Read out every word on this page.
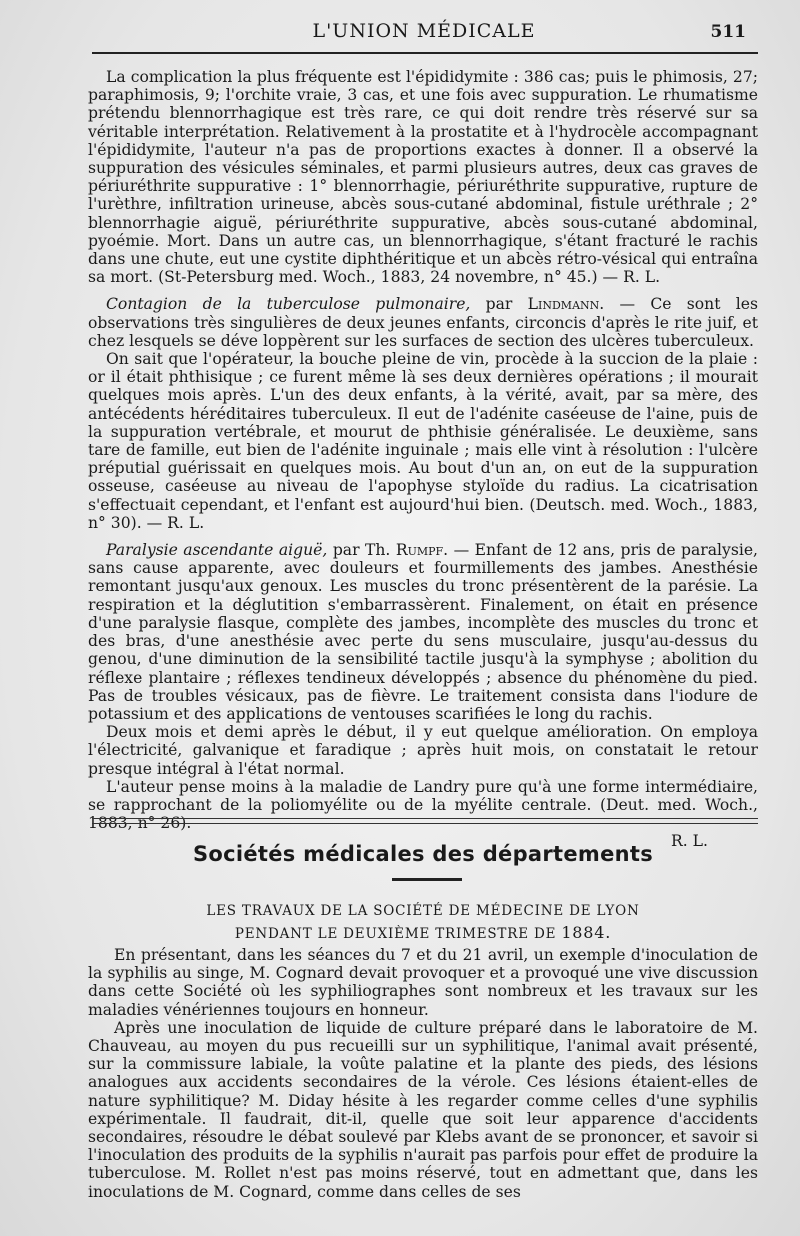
L'UNION MÉDICALE	511

La complication la plus fréquente est l'épididymite : 386 cas; puis le phimosis, 27; paraphimosis, 9; l'orchite vraie, 3 cas, et une fois avec suppuration. Le rhumatisme prétendu blennorrhagique est très rare, ce qui doit rendre très réservé sur sa véritable interprétation. Relativement à la prostatite et à l'hydrocèle accompagnant l'épididymite, l'auteur n'a pas de proportions exactes à donner. Il a observé la suppuration des vésicules séminales, et parmi plusieurs autres, deux cas graves de périuréthrite suppurative : 1° blennorrhagie, périuréthrite suppurative, rupture de l'urèthre, infiltration urineuse, abcès sous-cutané abdominal, fistule uréthrale ; 2° blennorrhagie aiguë, périuréthrite suppurative, abcès sous-cutané abdominal, pyoémie. Mort. Dans un autre cas, un blennorrhagique, s'étant fracturé le rachis dans une chute, eut une cystite diphthéritique et un abcès rétro-vésical qui entraîna sa mort. (St-Petersburg med. Woch., 1883, 24 novembre, n° 45.) — R. L.

Contagion de la tuberculose pulmonaire, par Lindmann. — Ce sont les observations très singulières de deux jeunes enfants, circoncis d'après le rite juif, et chez lesquels se déve loppèrent sur les surfaces de section des ulcères tuberculeux.

On sait que l'opérateur, la bouche pleine de vin, procède à la succion de la plaie : or il était phthisique ; ce furent même là ses deux dernières opérations ; il mourait quelques mois après. L'un des deux enfants, à la vérité, avait, par sa mère, des antécédents héréditaires tuberculeux. Il eut de l'adénite caséeuse de l'aine, puis de la suppuration vertébrale, et mourut de phthisie généralisée. Le deuxième, sans tare de famille, eut bien de l'adénite inguinale ; mais elle vint à résolution : l'ulcère préputial guérissait en quelques mois. Au bout d'un an, on eut de la suppuration osseuse, caséeuse au niveau de l'apophyse styloïde du radius. La cicatrisation s'effectuait cependant, et l'enfant est aujourd'hui bien. (Deutsch. med. Woch., 1883, n° 30). — R. L.

Paralysie ascendante aiguë, par Th. Rumpf. — Enfant de 12 ans, pris de paralysie, sans cause apparente, avec douleurs et fourmillements des jambes. Anesthésie remontant jusqu'aux genoux. Les muscles du tronc présentèrent de la parésie. La respiration et la déglutition s'embarrassèrent. Finalement, on était en présence d'une paralysie flasque, complète des jambes, incomplète des muscles du tronc et des bras, d'une anesthésie avec perte du sens musculaire, jusqu'au-dessus du genou, d'une diminution de la sensibilité tactile jusqu'à la symphyse ; abolition du réflexe plantaire ; réflexes tendineux développés ; absence du phénomène du pied. Pas de troubles vésicaux, pas de fièvre. Le traitement consista dans l'iodure de potassium et des applications de ventouses scarifiées le long du rachis.

Deux mois et demi après le début, il y eut quelque amélioration. On employa l'électricité, galvanique et faradique ; après huit mois, on constatait le retour presque intégral à l'état normal.

L'auteur pense moins à la maladie de Landry pure qu'à une forme intermédiaire, se rapprochant de la poliomyélite ou de la myélite centrale. (Deut. med. Woch., 1883, n° 26).

R. L.

Sociétés médicales des départements
LES TRAVAUX DE LA SOCIÉTÉ DE MÉDECINE DE LYON
PENDANT LE DEUXIÈME TRIMESTRE DE 1884.

En présentant, dans les séances du 7 et du 21 avril, un exemple d'inoculation de la syphilis au singe, M. Cognard devait provoquer et a provoqué une vive discussion dans cette Société où les syphiliographes sont nombreux et les travaux sur les maladies vénériennes toujours en honneur.

Après une inoculation de liquide de culture préparé dans le laboratoire de M. Chauveau, au moyen du pus recueilli sur un syphilitique, l'animal avait présenté, sur la commissure labiale, la voûte palatine et la plante des pieds, des lésions analogues aux accidents secondaires de la vérole. Ces lésions étaient-elles de nature syphilitique? M. Diday hésite à les regarder comme celles d'une syphilis expérimentale. Il faudrait, dit-il, quelle que soit leur apparence d'accidents secondaires, résoudre le débat soulevé par Klebs avant de se prononcer, et savoir si l'inoculation des produits de la syphilis n'aurait pas parfois pour effet de produire la tuberculose. M. Rollet n'est pas moins réservé, tout en admettant que, dans les inoculations de M. Cognard, comme dans celles de ses
